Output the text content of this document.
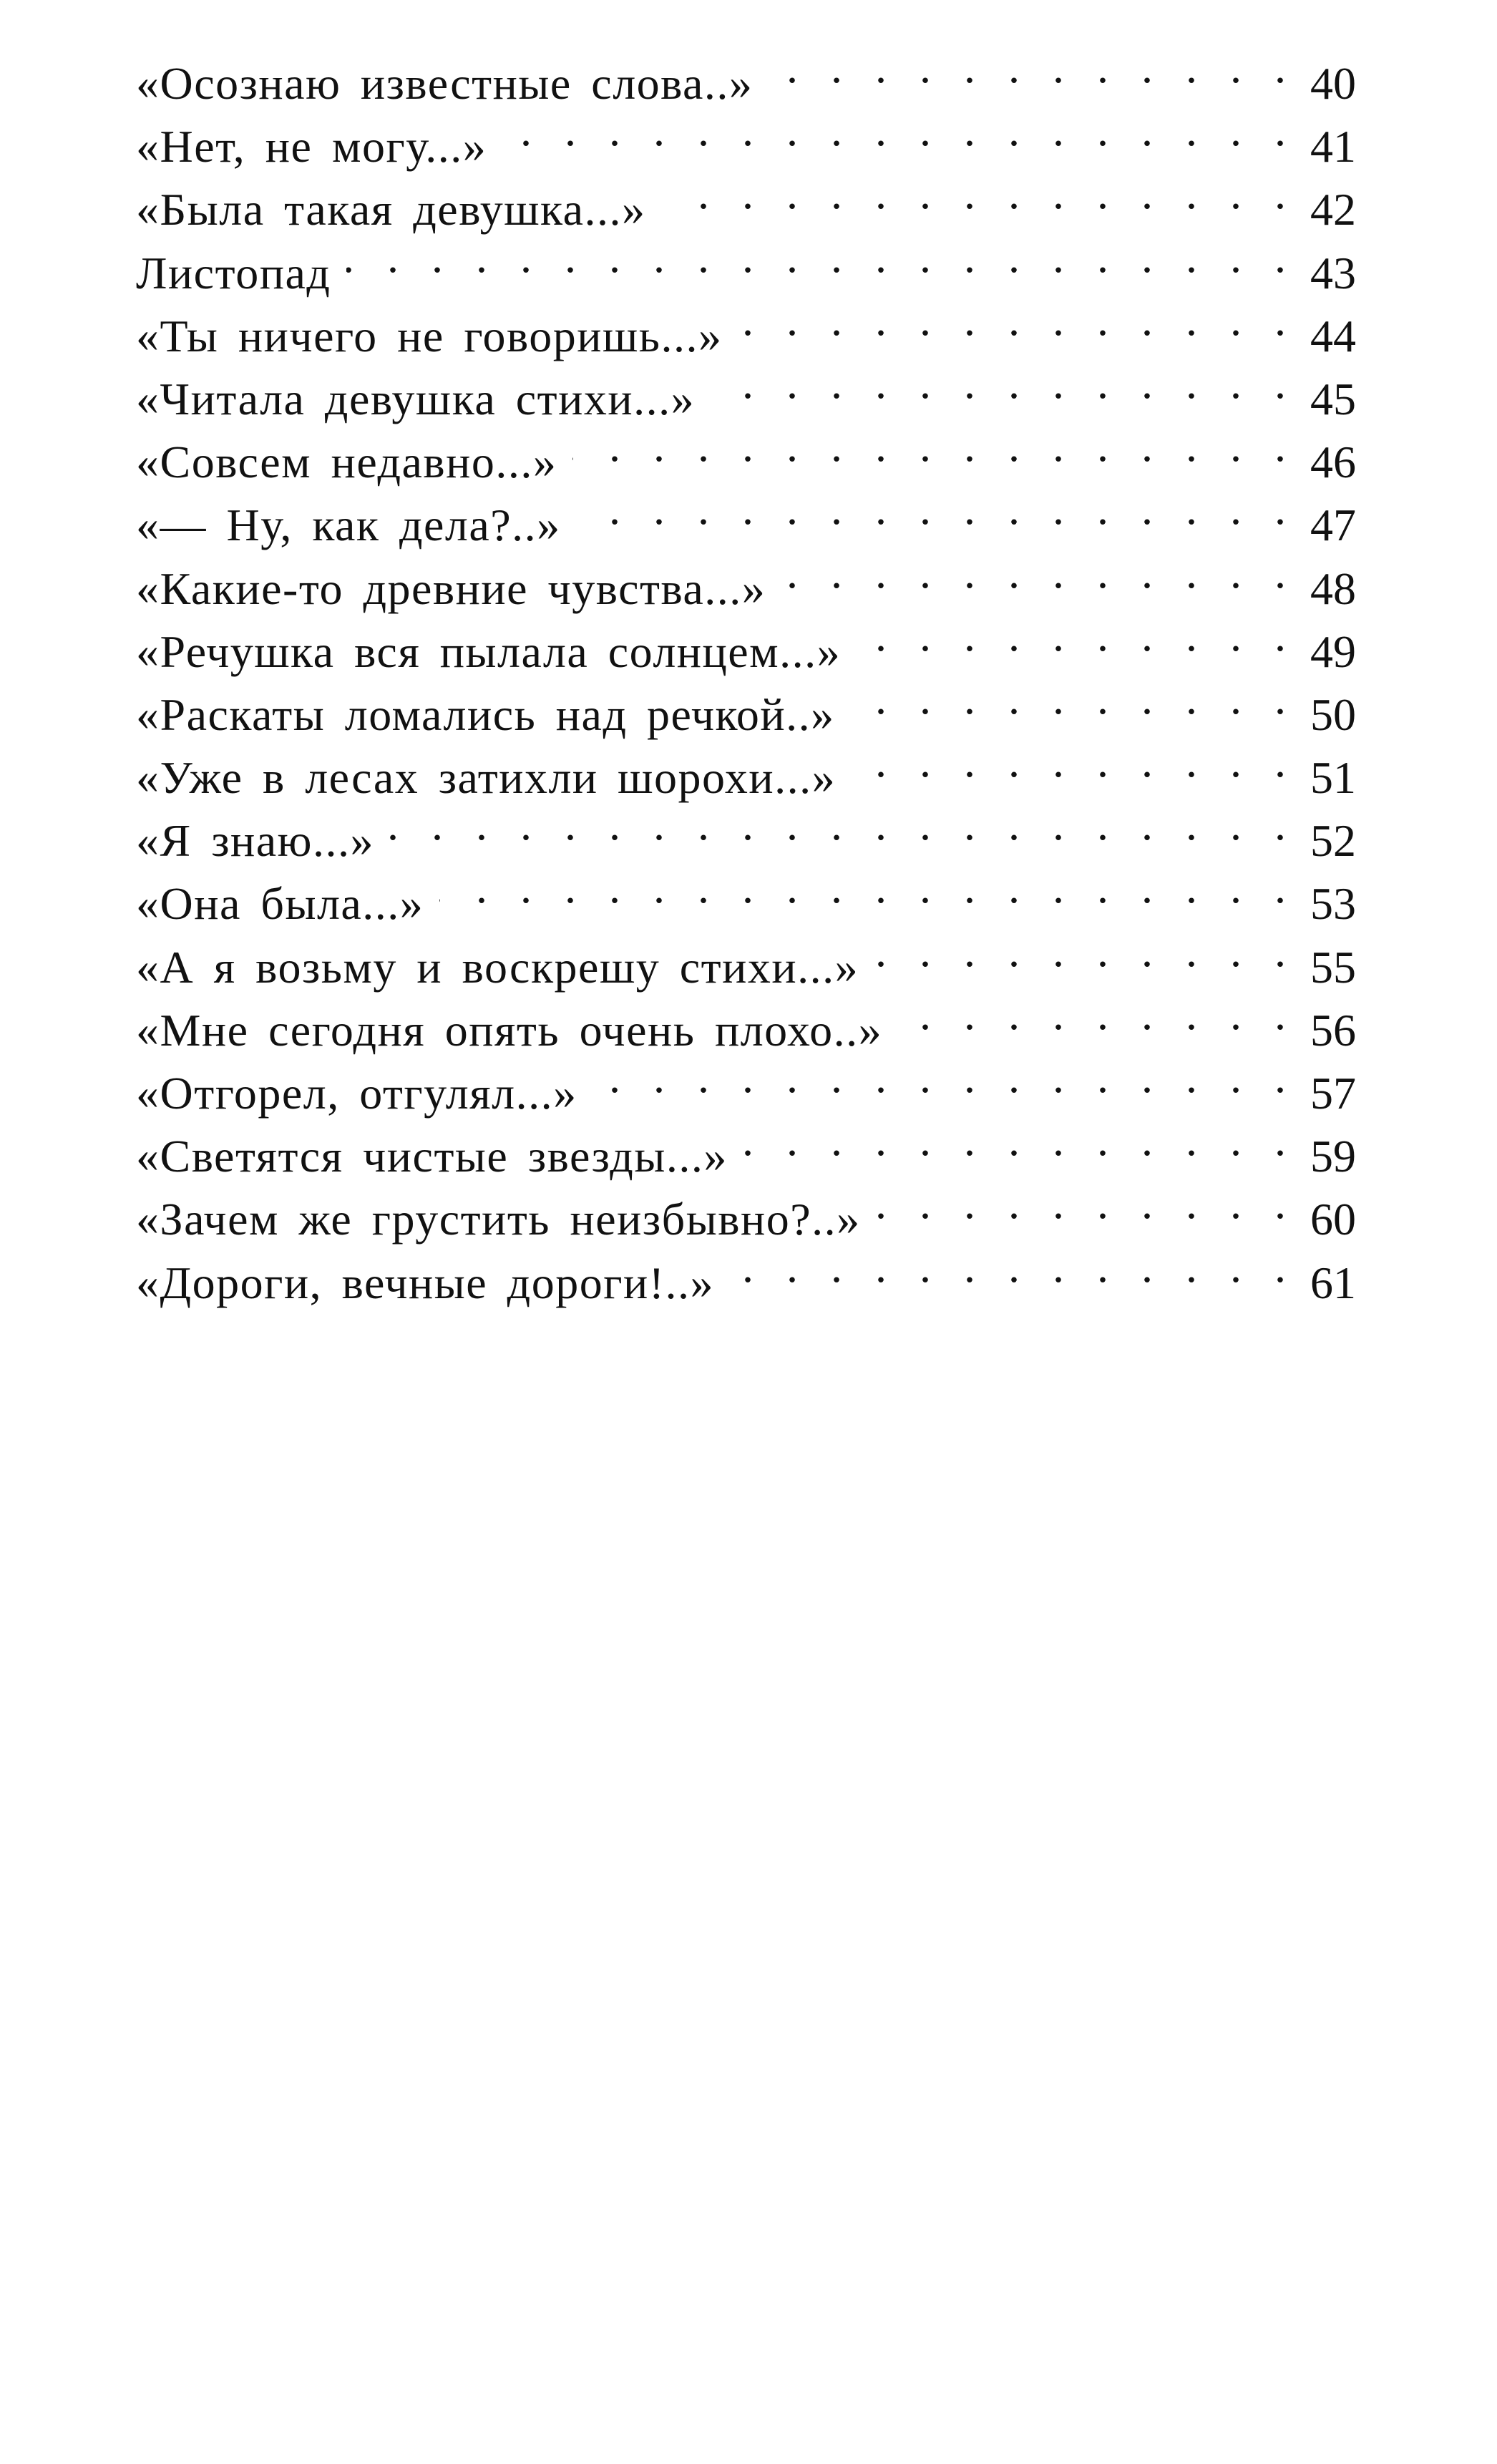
«Осознаю известные слова..» . . .	40
«Нет, не могу...» . . .	41
«Была такая девушка...» . . .	42
Листопад . . .	43
«Ты ничего не говоришь...» . . .	44
«Читала девушка стихи...» . . .	45
«Совсем недавно...» . . .	46
«— Ну, как дела?..» . . .	47
«Какие-то древние чувства...» . . .	48
«Речушка вся пылала солнцем...» . . .	49
«Раскаты ломались над речкой..» . . .	50
«Уже в лесах затихли шорохи...» . . .	51
«Я знаю...» . . .	52
«Она была...» . . .	53
«А я возьму и воскрешу стихи...» . . .	55
«Мне сегодня опять очень плохо..» . . .	56
«Отгорел, отгулял...» . . .	57
«Светятся чистые звезды...» . . .	59
«Зачем же грустить неизбывно?..» . . .	60
«Дороги, вечные дороги!..» . . .	61
